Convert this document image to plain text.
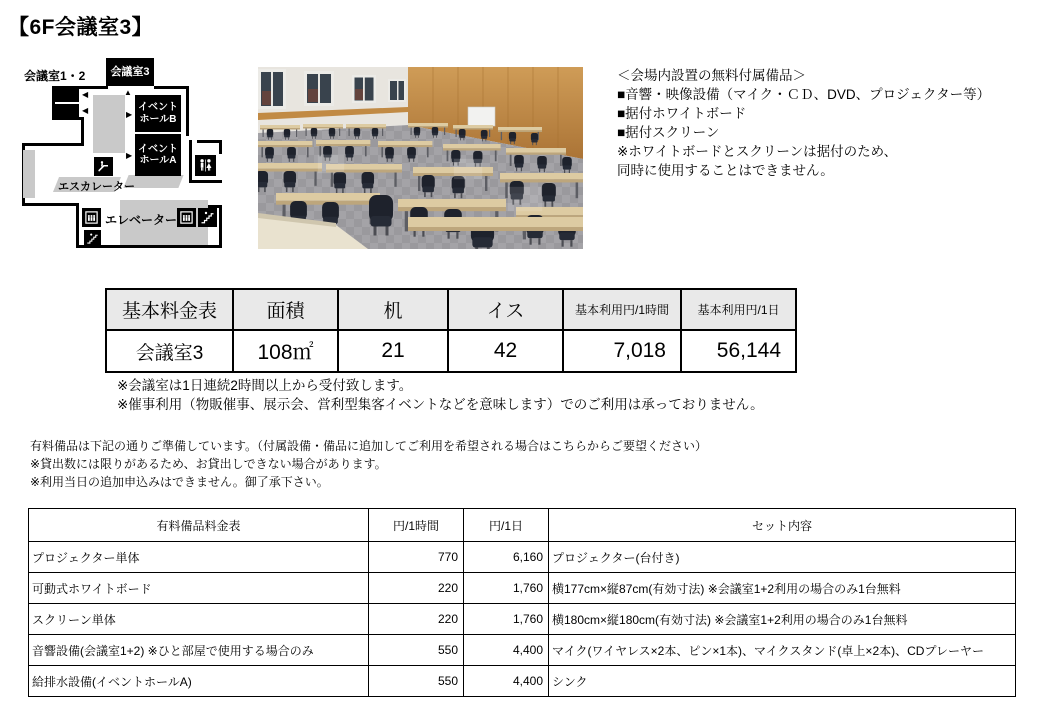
【6F会議室3】
会議室1・2	会議室3
▲
◀
◀	イベント
ホールB
▶
イベント
ホールA
▶
エスカレーター
エレベーター
＜会場内設置の無料付属備品＞
■音響・映像設備（マイク・ＣＤ、DVD、プロジェクター等）
■据付ホワイトボード
■据付スクリーン
※ホワイトボードとスクリーンは据付のため、
同時に使用することはできません。
基本料金表	面積	机	イス	基本利用円/1時間	基本利用円/1日
会議室3	108㎡	21	42	7,018	56,144
※会議室は1日連続2時間以上から受付致します。
※催事利用（物販催事、展示会、営利型集客イベントなどを意味します）でのご利用は承っておりません。
有料備品は下記の通りご準備しています。（付属設備・備品に追加してご利用を希望される場合はこちらからご要望ください）
※貸出数には限りがあるため、お貸出しできない場合があります。
※利用当日の追加申込みはできません。御了承下さい。
有料備品料金表	円/1時間	円/1日	セット内容
プロジェクター単体	770	6,160	プロジェクター(台付き)
可動式ホワイトボード	220	1,760	横177cm×縦87cm(有効寸法) ※会議室1+2利用の場合のみ1台無料
スクリーン単体	220	1,760	横180cm×縦180cm(有効寸法) ※会議室1+2利用の場合のみ1台無料
音響設備(会議室1+2) ※ひと部屋で使用する場合のみ	550	4,400	マイク(ワイヤレス×2本、ピン×1本)、マイクスタンド(卓上×2本)、CDプレーヤー
給排水設備(イベントホールA)	550	4,400	シンク
